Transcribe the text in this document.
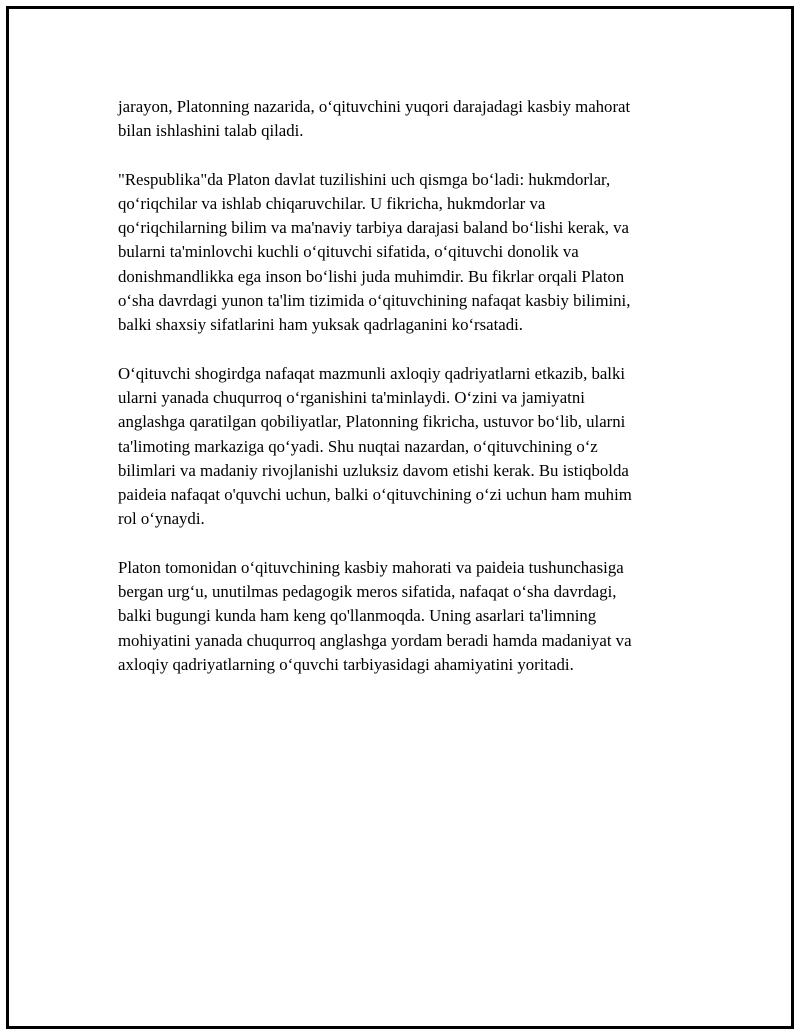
jarayon, Platonning nazarida, o‘qituvchini yuqori darajadagi kasbiy mahorat
bilan ishlashini talab qiladi.

"Respublika"da Platon davlat tuzilishini uch qismga bo‘ladi: hukmdorlar,
qo‘riqchilar va ishlab chiqaruvchilar. U fikricha, hukmdorlar va
qo‘riqchilarning bilim va ma'naviy tarbiya darajasi baland bo‘lishi kerak, va
bularni ta'minlovchi kuchli o‘qituvchi sifatida, o‘qituvchi donolik va
donishmandlikka ega inson bo‘lishi juda muhimdir. Bu fikrlar orqali Platon
o‘sha davrdagi yunon ta'lim tizimida o‘qituvchining nafaqat kasbiy bilimini,
balki shaxsiy sifatlarini ham yuksak qadrlaganini ko‘rsatadi.

O‘qituvchi shogirdga nafaqat mazmunli axloqiy qadriyatlarni etkazib, balki
ularni yanada chuqurroq o‘rganishini ta'minlaydi. O‘zini va jamiyatni
anglashga qaratilgan qobiliyatlar, Platonning fikricha, ustuvor bo‘lib, ularni
ta'limoting markaziga qo‘yadi. Shu nuqtai nazardan, o‘qituvchining o‘z
bilimlari va madaniy rivojlanishi uzluksiz davom etishi kerak. Bu istiqbolda
paideia nafaqat o'quvchi uchun, balki o‘qituvchining o‘zi uchun ham muhim
rol o‘ynaydi.

Platon tomonidan o‘qituvchining kasbiy mahorati va paideia tushunchasiga
bergan urg‘u, unutilmas pedagogik meros sifatida, nafaqat o‘sha davrdagi,
balki bugungi kunda ham keng qo'llanmoqda. Uning asarlari ta'limning
mohiyatini yanada chuqurroq anglashga yordam beradi hamda madaniyat va
axloqiy qadriyatlarning o‘quvchi tarbiyasidagi ahamiyatini yoritadi.
